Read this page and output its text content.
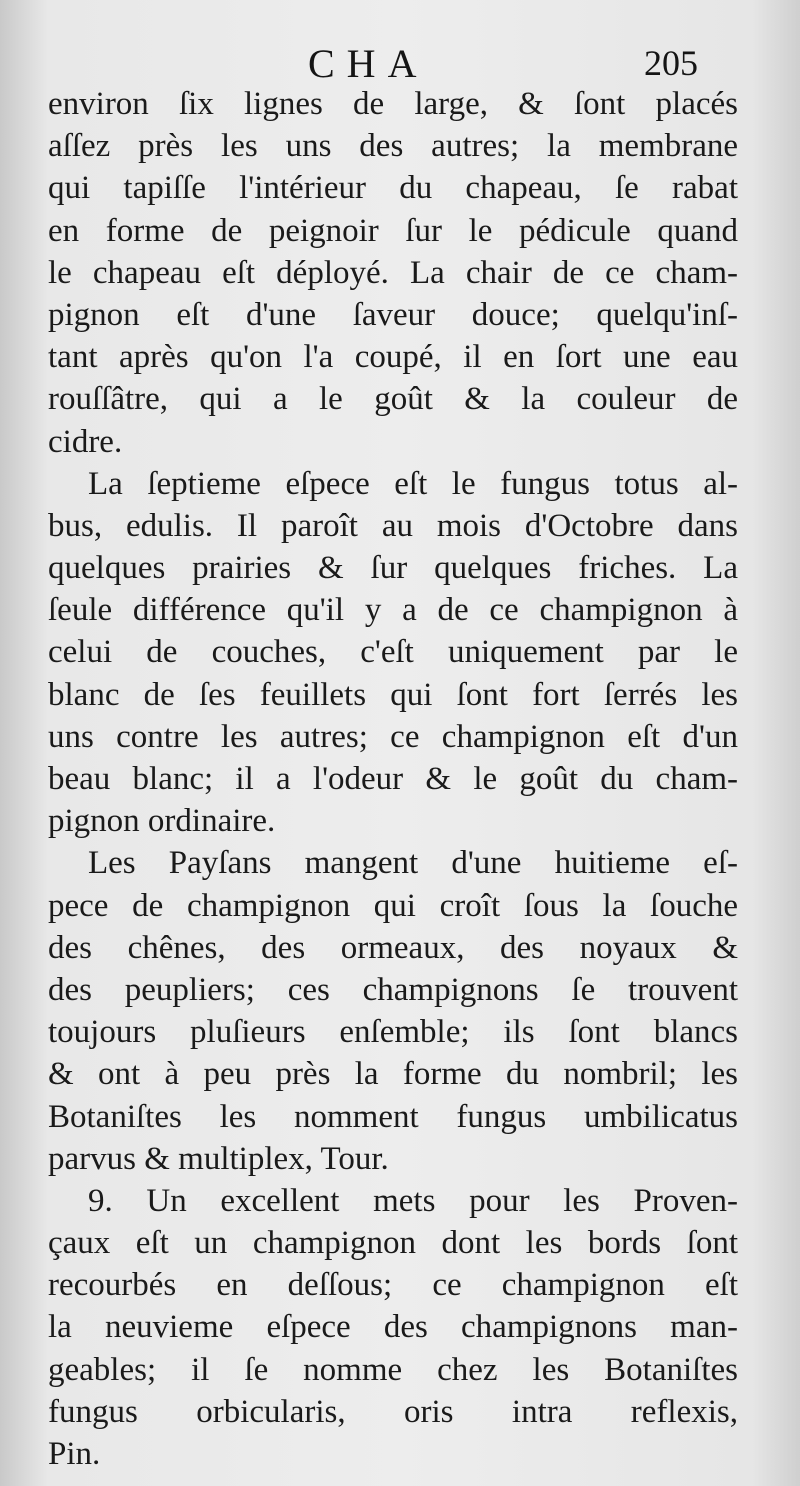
CHA	205
environ ſix lignes de large, & ſont placés
aſſez près les uns des autres; la membrane
qui tapiſſe l'intérieur du chapeau, ſe rabat
en forme de peignoir ſur le pédicule quand
le chapeau eſt déployé. La chair de ce cham-
pignon eſt d'une ſaveur douce; quelqu'inſ-
tant après qu'on l'a coupé, il en ſort une eau
rouſſâtre, qui a le goût & la couleur de
cidre.
La ſeptieme eſpece eſt le fungus totus al-
bus, edulis. Il paroît au mois d'Octobre dans
quelques prairies & ſur quelques friches. La
ſeule différence qu'il y a de ce champignon à
celui de couches, c'eſt uniquement par le
blanc de ſes feuillets qui ſont fort ſerrés les
uns contre les autres; ce champignon eſt d'un
beau blanc; il a l'odeur & le goût du cham-
pignon ordinaire.
Les Payſans mangent d'une huitieme eſ-
pece de champignon qui croît ſous la ſouche
des chênes, des ormeaux, des noyaux &
des peupliers; ces champignons ſe trouvent
toujours pluſieurs enſemble; ils ſont blancs
& ont à peu près la forme du nombril; les
Botaniſtes les nomment fungus umbilicatus
parvus & multiplex, Tour.
9. Un excellent mets pour les Proven-
çaux eſt un champignon dont les bords ſont
recourbés en deſſous; ce champignon eſt
la neuvieme eſpece des champignons man-
geables; il ſe nomme chez les Botaniſtes
fungus orbicularis, oris intra reflexis,
Pin.
